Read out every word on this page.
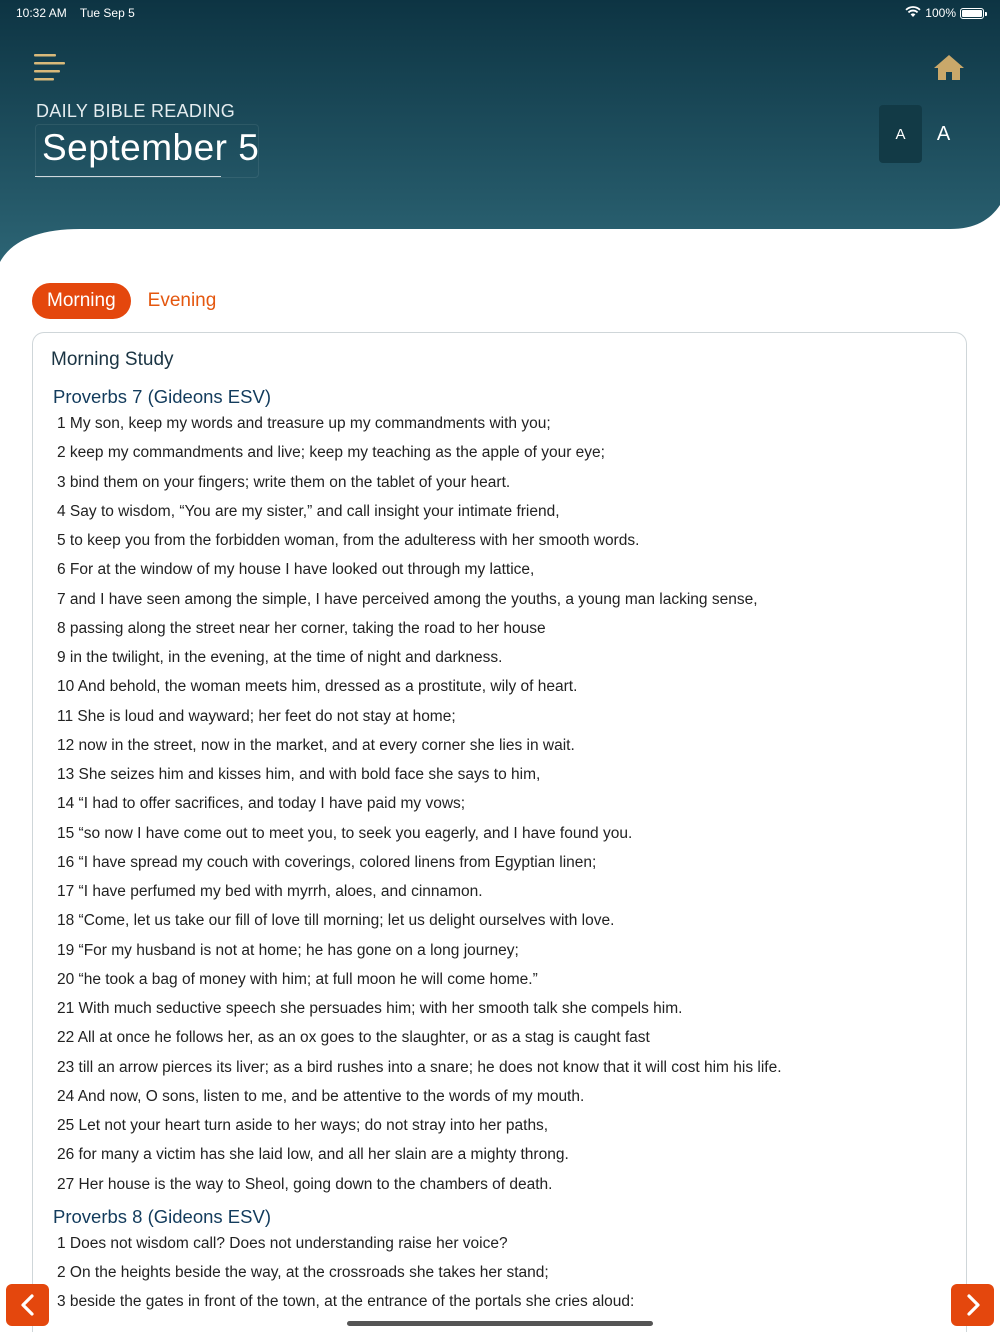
10:32 AM Tue Sep 5	100%
DAILY BIBLE READING
September 5	A	A
Morning	Evening
Morning Study
Proverbs 7 (Gideons ESV)
1 My son, keep my words and treasure up my commandments with you;
2 keep my commandments and live; keep my teaching as the apple of your eye;
3 bind them on your fingers; write them on the tablet of your heart.
4 Say to wisdom, “You are my sister,” and call insight your intimate friend,
5 to keep you from the forbidden woman, from the adulteress with her smooth words.
6 For at the window of my house I have looked out through my lattice,
7 and I have seen among the simple, I have perceived among the youths, a young man lacking sense,
8 passing along the street near her corner, taking the road to her house
9 in the twilight, in the evening, at the time of night and darkness.
10 And behold, the woman meets him, dressed as a prostitute, wily of heart.
11 She is loud and wayward; her feet do not stay at home;
12 now in the street, now in the market, and at every corner she lies in wait.
13 She seizes him and kisses him, and with bold face she says to him,
14 “I had to offer sacrifices, and today I have paid my vows;
15 “so now I have come out to meet you, to seek you eagerly, and I have found you.
16 “I have spread my couch with coverings, colored linens from Egyptian linen;
17 “I have perfumed my bed with myrrh, aloes, and cinnamon.
18 “Come, let us take our fill of love till morning; let us delight ourselves with love.
19 “For my husband is not at home; he has gone on a long journey;
20 “he took a bag of money with him; at full moon he will come home.”
21 With much seductive speech she persuades him; with her smooth talk she compels him.
22 All at once he follows her, as an ox goes to the slaughter, or as a stag is caught fast
23 till an arrow pierces its liver; as a bird rushes into a snare; he does not know that it will cost him his life.
24 And now, O sons, listen to me, and be attentive to the words of my mouth.
25 Let not your heart turn aside to her ways; do not stray into her paths,
26 for many a victim has she laid low, and all her slain are a mighty throng.
27 Her house is the way to Sheol, going down to the chambers of death.
Proverbs 8 (Gideons ESV)
1 Does not wisdom call? Does not understanding raise her voice?
2 On the heights beside the way, at the crossroads she takes her stand;
3 beside the gates in front of the town, at the entrance of the portals she cries aloud:
